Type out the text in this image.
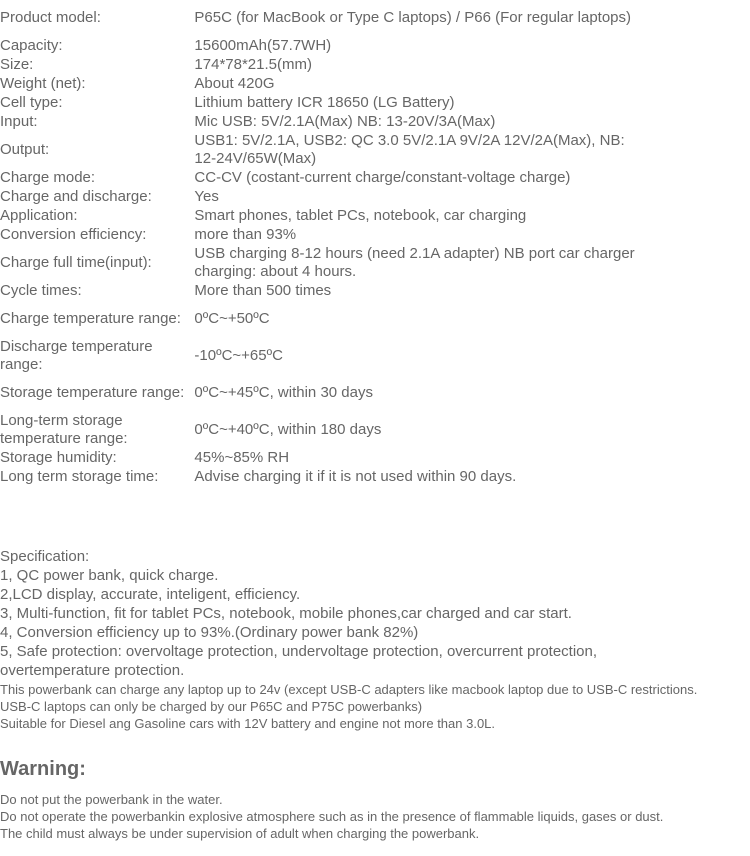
Product model:	P65C (for MacBook or Type C laptops) / P66 (For regular laptops)
Capacity:	15600mAh(57.7WH)
Size:	174*78*21.5(mm)
Weight (net):	About 420G
Cell type:	Lithium battery ICR 18650 (LG Battery)
Input:	Mic USB: 5V/2.1A(Max) NB: 13-20V/3A(Max)
Output:	USB1: 5V/2.1A, USB2: QC 3.0 5V/2.1A 9V/2A 12V/2A(Max), NB: 12-24V/65W(Max)
Charge mode:	CC-CV (costant-current charge/constant-voltage charge)
Charge and discharge:	Yes
Application:	Smart phones, tablet PCs, notebook, car charging
Conversion efficiency:	more than 93%
Charge full time(input):	USB charging 8-12 hours (need 2.1A adapter) NB port car charger charging: about 4 hours.
Cycle times:	More than 500 times
Charge temperature range:	0ºC~+50ºC
Discharge temperature range:	-10ºC~+65ºC
Storage temperature range:	0ºC~+45ºC, within 30 days
Long-term storage temperature range:	0ºC~+40ºC, within 180 days
Storage humidity:	45%~85% RH
Long term storage time:	Advise charging it if it is not used within 90 days.
Specification:
1, QC power bank, quick charge.
2,LCD display, accurate, inteligent, efficiency.
3, Multi-function, fit for tablet PCs, notebook, mobile phones,car charged and car start.
4, Conversion efficiency up to 93%.(Ordinary power bank 82%)
5, Safe protection: overvoltage protection, undervoltage protection, overcurrent protection, overtemperature protection.
This powerbank can charge any laptop up to 24v (except USB-C adapters like macbook laptop due to USB-C restrictions. USB-C laptops can only be charged by our P65C and P75C powerbanks)
Suitable for Diesel ang Gasoline cars with 12V battery and engine not more than 3.0L.
Warning:
Do not put the powerbank in the water.
Do not operate the powerbankin explosive atmosphere such as in the presence of flammable liquids, gases or dust.
The child must always be under supervision of adult when charging the powerbank.
